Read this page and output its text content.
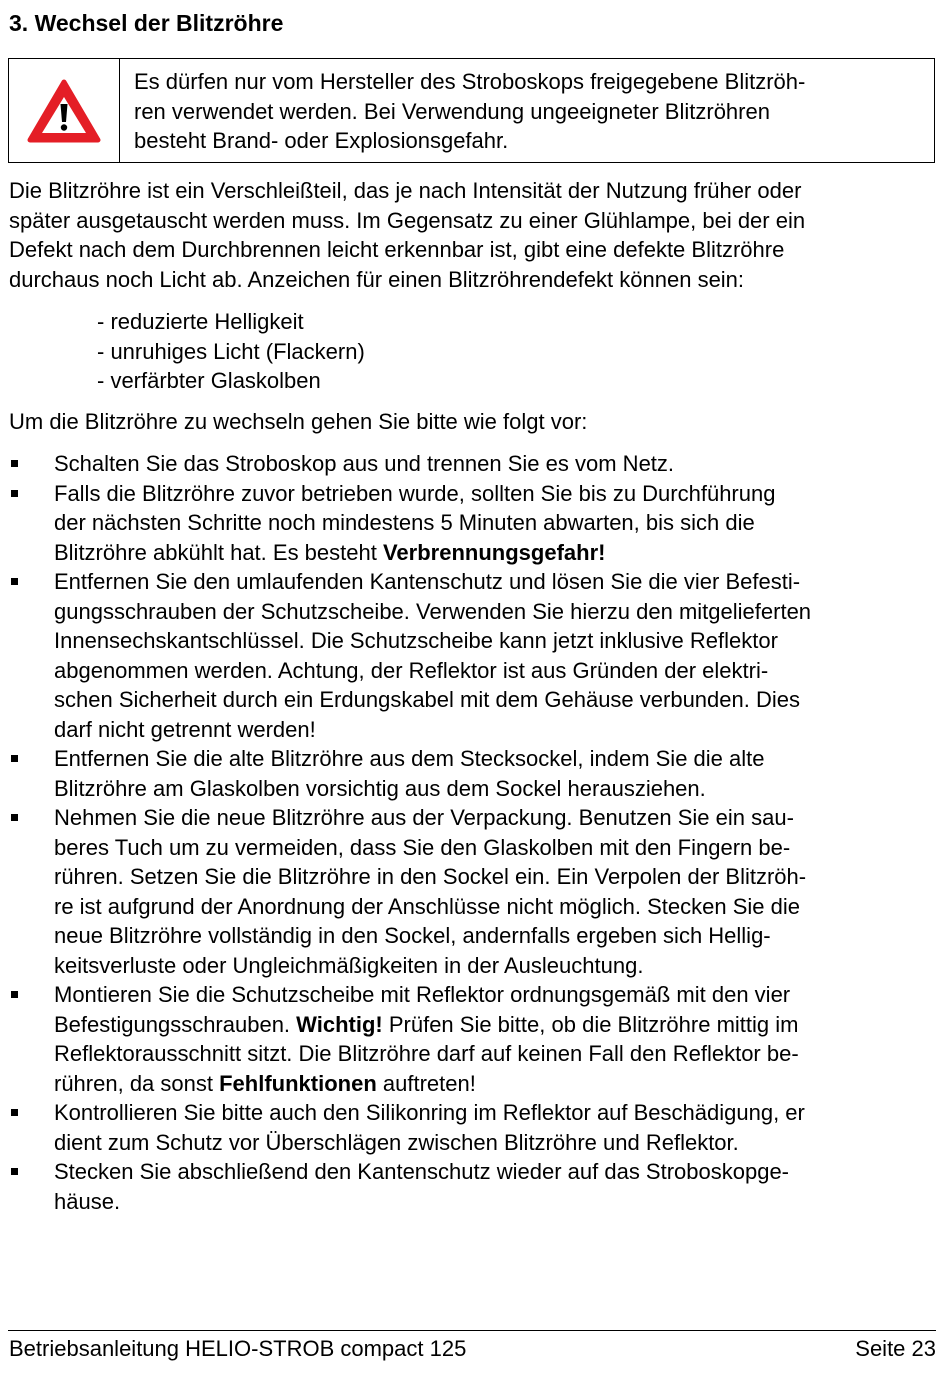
3. Wechsel der Blitzröhre
Es dürfen nur vom Hersteller des Stroboskops freigegebene Blitzröh-
ren verwendet werden. Bei Verwendung ungeeigneter Blitzröhren
besteht Brand- oder Explosionsgefahr.
Die Blitzröhre ist ein Verschleißteil, das je nach Intensität der Nutzung früher oder
später ausgetauscht werden muss. Im Gegensatz zu einer Glühlampe, bei der ein
Defekt nach dem Durchbrennen leicht erkennbar ist, gibt eine defekte Blitzröhre
durchaus noch Licht ab. Anzeichen für einen Blitzröhrendefekt können sein:
- reduzierte Helligkeit
- unruhiges Licht (Flackern)
- verfärbter Glaskolben
Um die Blitzröhre zu wechseln gehen Sie bitte wie folgt vor:
Schalten Sie das Stroboskop aus und trennen Sie es vom Netz.
Falls die Blitzröhre zuvor betrieben wurde, sollten Sie bis zu Durchführung
der nächsten Schritte noch mindestens 5 Minuten abwarten, bis sich die
Blitzröhre abkühlt hat. Es besteht Verbrennungsgefahr!
Entfernen Sie den umlaufenden Kantenschutz und lösen Sie die vier Befesti-
gungsschrauben der Schutzscheibe. Verwenden Sie hierzu den mitgelieferten
Innensechskantschlüssel. Die Schutzscheibe kann jetzt inklusive Reflektor
abgenommen werden. Achtung, der Reflektor ist aus Gründen der elektri-
schen Sicherheit durch ein Erdungskabel mit dem Gehäuse verbunden. Dies
darf nicht getrennt werden!
Entfernen Sie die alte Blitzröhre aus dem Stecksockel, indem Sie die alte
Blitzröhre am Glaskolben vorsichtig aus dem Sockel herausziehen.
Nehmen Sie die neue Blitzröhre aus der Verpackung. Benutzen Sie ein sau-
beres Tuch um zu vermeiden, dass Sie den Glaskolben mit den Fingern be-
rühren. Setzen Sie die Blitzröhre in den Sockel ein. Ein Verpolen der Blitzröh-
re ist aufgrund der Anordnung der Anschlüsse nicht möglich. Stecken Sie die
neue Blitzröhre vollständig in den Sockel, andernfalls ergeben sich Hellig-
keitsverluste oder Ungleichmäßigkeiten in der Ausleuchtung.
Montieren Sie die Schutzscheibe mit Reflektor ordnungsgemäß mit den vier
Befestigungsschrauben. Wichtig! Prüfen Sie bitte, ob die Blitzröhre mittig im
Reflektorausschnitt sitzt. Die Blitzröhre darf auf keinen Fall den Reflektor be-
rühren, da sonst Fehlfunktionen auftreten!
Kontrollieren Sie bitte auch den Silikonring im Reflektor auf Beschädigung, er
dient zum Schutz vor Überschlägen zwischen Blitzröhre und Reflektor.
Stecken Sie abschließend den Kantenschutz wieder auf das Stroboskopge-
häuse.
Betriebsanleitung HELIO-STROB compact 125	Seite 23
